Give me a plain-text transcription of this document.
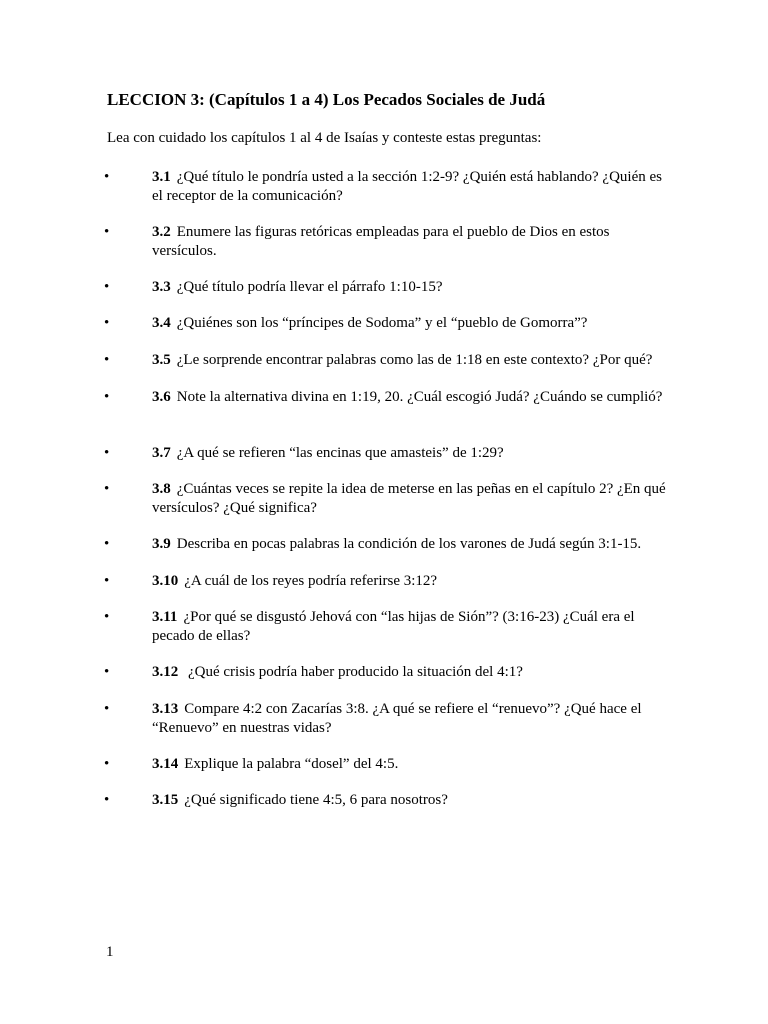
LECCION 3: (Capítulos 1 a 4) Los Pecados Sociales de Judá

Lea con cuidado los capítulos 1 al 4 de Isaías y conteste estas preguntas:

•	3.1 ¿Qué título le pondría usted a la sección 1:2-9? ¿Quién está hablando? ¿Quién es el receptor de la comunicación?
•	3.2 Enumere las figuras retóricas empleadas para el pueblo de Dios en estos versículos.
•	3.3 ¿Qué título podría llevar el párrafo 1:10-15?
•	3.4 ¿Quiénes son los “príncipes de Sodoma” y el “pueblo de Gomorra”?
•	3.5 ¿Le sorprende encontrar palabras como las de 1:18 en este contexto? ¿Por qué?
•	3.6 Note la alternativa divina en 1:19, 20. ¿Cuál escogió Judá? ¿Cuándo se cumplió?
•	3.7 ¿A qué se refieren “las encinas que amasteis” de 1:29?
•	3.8 ¿Cuántas veces se repite la idea de meterse en las peñas en el capítulo 2? ¿En qué versículos? ¿Qué significa?
•	3.9 Describa en pocas palabras la condición de los varones de Judá según 3:1-15.
•	3.10 ¿A cuál de los reyes podría referirse 3:12?
•	3.11 ¿Por qué se disgustó Jehová con “las hijas de Sión”? (3:16-23) ¿Cuál era el pecado de ellas?
•	3.12 ¿Qué crisis podría haber producido la situación del 4:1?
•	3.13 Compare 4:2 con Zacarías 3:8. ¿A qué se refiere el “renuevo”? ¿Qué hace el “Renuevo” en nuestras vidas?
•	3.14 Explique la palabra “dosel” del 4:5.
•	3.15 ¿Qué significado tiene 4:5, 6 para nosotros?

1
